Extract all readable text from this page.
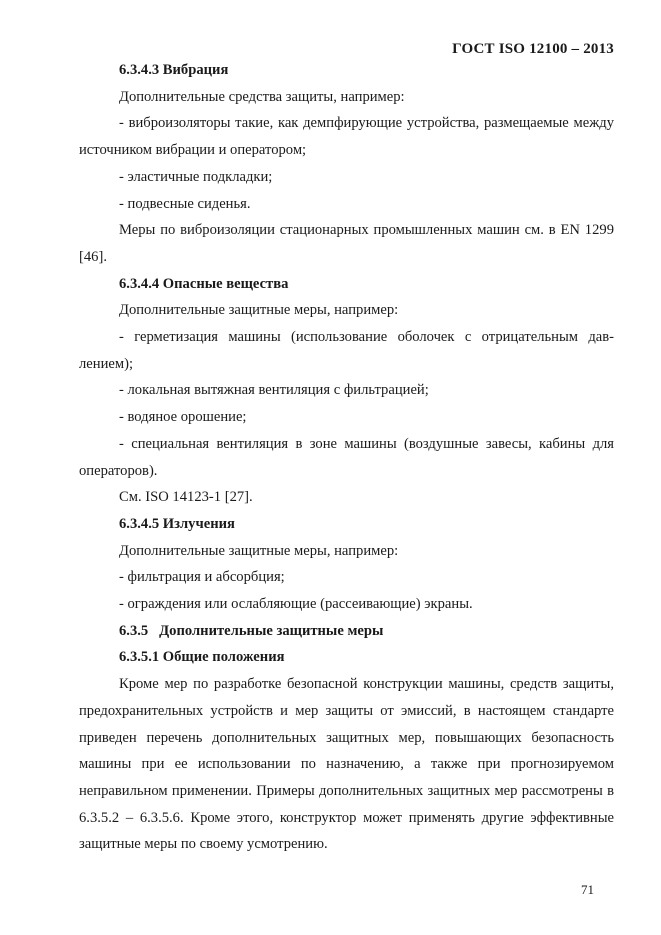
ГОСТ ISO 12100 – 2013

6.3.4.3 Вибрация

Дополнительные средства защиты, например:

- виброизоляторы такие, как демпфирующие устройства, размещаемые между источником вибрации и оператором;

- эластичные подкладки;

- подвесные сиденья.

Меры по виброизоляции стационарных промышленных машин см. в EN 1299 [46].

6.3.4.4 Опасные вещества

Дополнительные защитные меры, например:

- герметизация машины (использование оболочек с отрицательным давлением);

- локальная вытяжная вентиляция с фильтрацией;

- водяное орошение;

- специальная вентиляция в зоне машины (воздушные завесы, кабины для операторов).

См. ISO 14123-1 [27].

6.3.4.5 Излучения

Дополнительные защитные меры, например:

- фильтрация и абсорбция;

- ограждения или ослабляющие (рассеивающие) экраны.

6.3.5   Дополнительные защитные меры

6.3.5.1 Общие положения

Кроме мер по разработке безопасной конструкции машины, средств защиты, предохранительных устройств и мер защиты от эмиссий, в настоящем стандарте приведен перечень дополнительных защитных мер, повышающих безопасность машины при ее использовании по назначению, а также при прогнозируемом неправильном применении. Примеры дополнительных защитных мер рассмотрены в 6.3.5.2 – 6.3.5.6. Кроме этого, конструктор может применять другие эффективные защитные меры по своему усмотрению.

71
